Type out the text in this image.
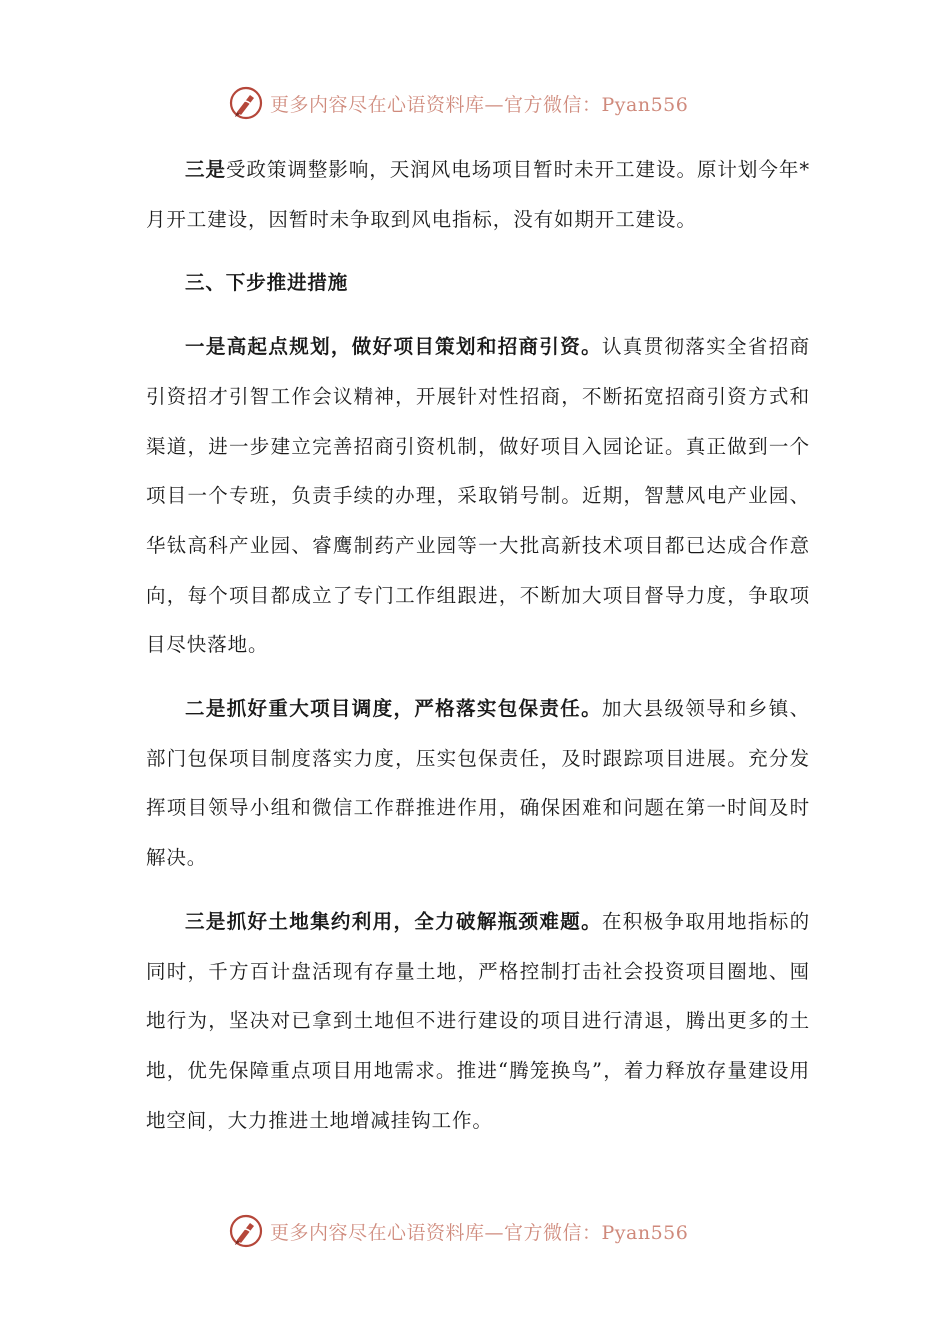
更多内容尽在心语资料库—官方微信：Pyan556

三是受政策调整影响，天润风电场项目暂时未开工建设。原计划今年*月开工建设，因暂时未争取到风电指标，没有如期开工建设。

三、下步推进措施

一是高起点规划，做好项目策划和招商引资。认真贯彻落实全省招商引资招才引智工作会议精神，开展针对性招商，不断拓宽招商引资方式和渠道，进一步建立完善招商引资机制，做好项目入园论证。真正做到一个项目一个专班，负责手续的办理，采取销号制。近期，智慧风电产业园、华钛高科产业园、睿鹰制药产业园等一大批高新技术项目都已达成合作意向，每个项目都成立了专门工作组跟进，不断加大项目督导力度，争取项目尽快落地。

二是抓好重大项目调度，严格落实包保责任。加大县级领导和乡镇、部门包保项目制度落实力度，压实包保责任，及时跟踪项目进展。充分发挥项目领导小组和微信工作群推进作用，确保困难和问题在第一时间及时解决。

三是抓好土地集约利用，全力破解瓶颈难题。在积极争取用地指标的同时，千方百计盘活现有存量土地，严格控制打击社会投资项目圈地、囤地行为，坚决对已拿到土地但不进行建设的项目进行清退，腾出更多的土地，优先保障重点项目用地需求。推进“腾笼换鸟”，着力释放存量建设用地空间，大力推进土地增减挂钩工作。

更多内容尽在心语资料库—官方微信：Pyan556
